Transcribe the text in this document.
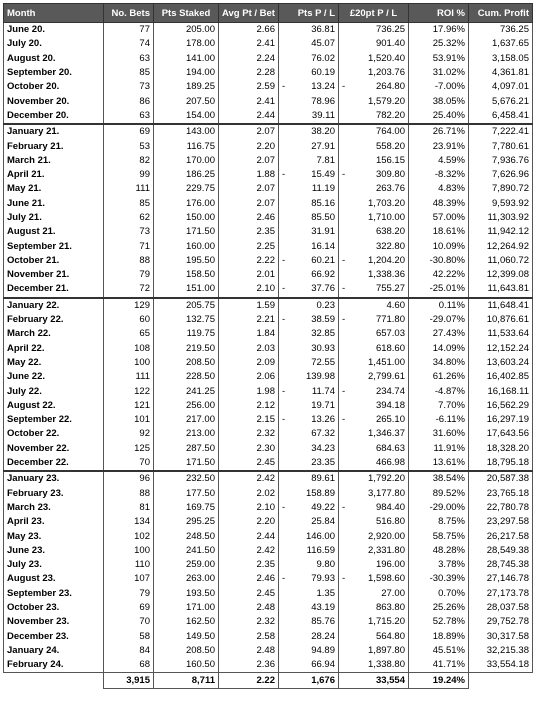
Month	No. Bets	Pts Staked	Avg Pt / Bet	Pts P / L	£20pt P / L	ROI %	Cum. Profit
June 20.	77	205.00	2.66	36.81	736.25	17.96%	736.25
July 20.	74	178.00	2.41	45.07	901.40	25.32%	1,637.65
August 20.	63	141.00	2.24	76.02	1,520.40	53.91%	3,158.05
September 20.	85	194.00	2.28	60.19	1,203.76	31.02%	4,361.81
October 20.	73	189.25	2.59	- 13.24	- 264.80	-7.00%	4,097.01
November 20.	86	207.50	2.41	78.96	1,579.20	38.05%	5,676.21
December 20.	63	154.00	2.44	39.11	782.20	25.40%	6,458.41
January 21.	69	143.00	2.07	38.20	764.00	26.71%	7,222.41
February 21.	53	116.75	2.20	27.91	558.20	23.91%	7,780.61
March 21.	82	170.00	2.07	7.81	156.15	4.59%	7,936.76
April 21.	99	186.25	1.88	- 15.49	- 309.80	-8.32%	7,626.96
May 21.	111	229.75	2.07	11.19	263.76	4.83%	7,890.72
June 21.	85	176.00	2.07	85.16	1,703.20	48.39%	9,593.92
July 21.	62	150.00	2.46	85.50	1,710.00	57.00%	11,303.92
August 21.	73	171.50	2.35	31.91	638.20	18.61%	11,942.12
September 21.	71	160.00	2.25	16.14	322.80	10.09%	12,264.92
October 21.	88	195.50	2.22	- 60.21	- 1,204.20	-30.80%	11,060.72
November 21.	79	158.50	2.01	66.92	1,338.36	42.22%	12,399.08
December 21.	72	151.00	2.10	- 37.76	- 755.27	-25.01%	11,643.81
January 22.	129	205.75	1.59	0.23	4.60	0.11%	11,648.41
February 22.	60	132.75	2.21	- 38.59	- 771.80	-29.07%	10,876.61
March 22.	65	119.75	1.84	32.85	657.03	27.43%	11,533.64
April 22.	108	219.50	2.03	30.93	618.60	14.09%	12,152.24
May 22.	100	208.50	2.09	72.55	1,451.00	34.80%	13,603.24
June 22.	111	228.50	2.06	139.98	2,799.61	61.26%	16,402.85
July 22.	122	241.25	1.98	- 11.74	- 234.74	-4.87%	16,168.11
August 22.	121	256.00	2.12	19.71	394.18	7.70%	16,562.29
September 22.	101	217.00	2.15	- 13.26	- 265.10	-6.11%	16,297.19
October 22.	92	213.00	2.32	67.32	1,346.37	31.60%	17,643.56
November 22.	125	287.50	2.30	34.23	684.63	11.91%	18,328.20
December 22.	70	171.50	2.45	23.35	466.98	13.61%	18,795.18
January 23.	96	232.50	2.42	89.61	1,792.20	38.54%	20,587.38
February 23.	88	177.50	2.02	158.89	3,177.80	89.52%	23,765.18
March 23.	81	169.75	2.10	- 49.22	- 984.40	-29.00%	22,780.78
April 23.	134	295.25	2.20	25.84	516.80	8.75%	23,297.58
May 23.	102	248.50	2.44	146.00	2,920.00	58.75%	26,217.58
June 23.	100	241.50	2.42	116.59	2,331.80	48.28%	28,549.38
July 23.	110	259.00	2.35	9.80	196.00	3.78%	28,745.38
August 23.	107	263.00	2.46	- 79.93	- 1,598.60	-30.39%	27,146.78
September 23.	79	193.50	2.45	1.35	27.00	0.70%	27,173.78
October 23.	69	171.00	2.48	43.19	863.80	25.26%	28,037.58
November 23.	70	162.50	2.32	85.76	1,715.20	52.78%	29,752.78
December 23.	58	149.50	2.58	28.24	564.80	18.89%	30,317.58
January 24.	84	208.50	2.48	94.89	1,897.80	45.51%	32,215.38
February 24.	68	160.50	2.36	66.94	1,338.80	41.71%	33,554.18
	3,915	8,711	2.22	1,676	33,554	19.24%	
